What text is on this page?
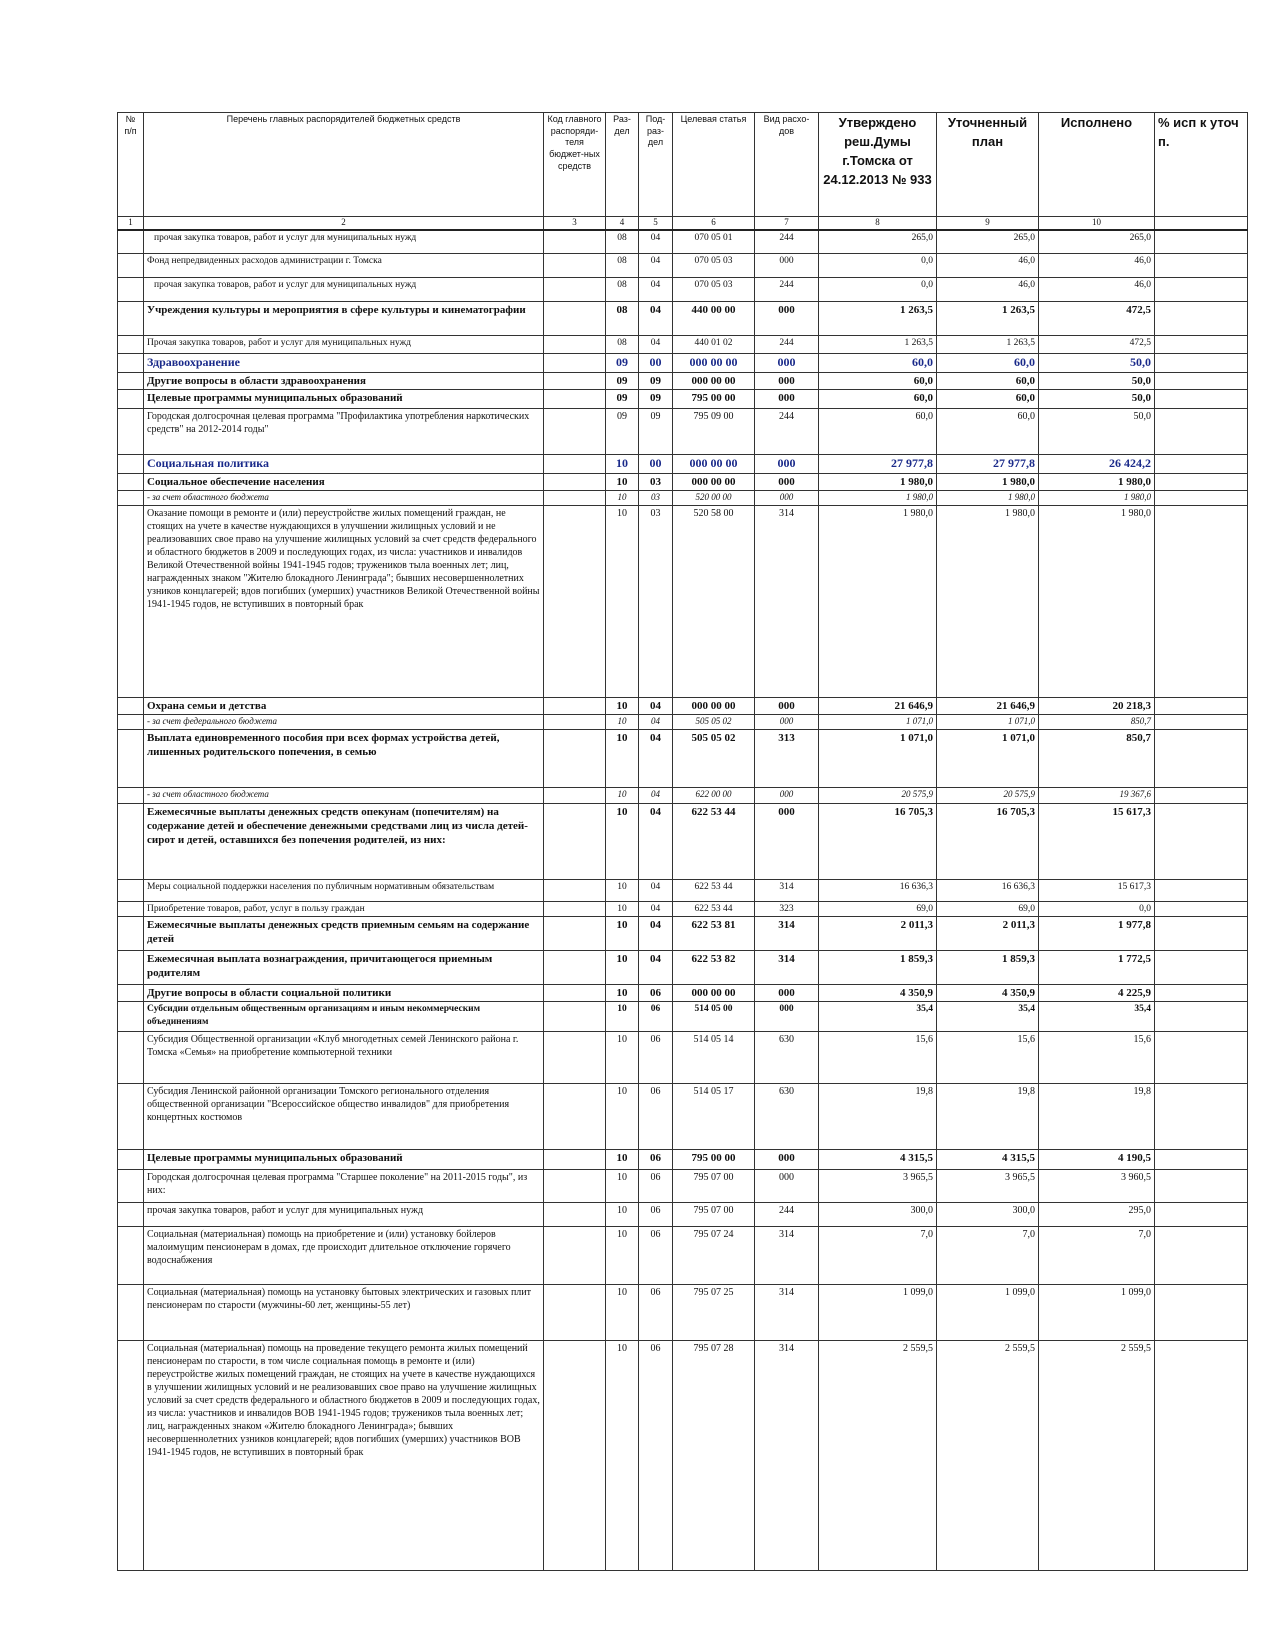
№ п/п	Перечень главных распорядителей бюджетных средств	Код главного распоряди-теля бюджет-ных средств	Раз-дел	Под-раз-дел	Целевая статья	Вид расхо-дов	Утверждено реш.Думы г.Томска от 24.12.2013 № 933	Уточненный план	Исполнено	% исп к уточ п.
1	2	3	4	5	6	7	8	9	10	
	прочая закупка товаров, работ и услуг для муниципальных нужд		08	04	070 05 01	244	265,0	265,0	265,0	
	Фонд непредвиденных расходов администрации г. Томска		08	04	070 05 03	000	0,0	46,0	46,0	
	прочая закупка товаров, работ и услуг для муниципальных нужд		08	04	070 05 03	244	0,0	46,0	46,0	
	Учреждения культуры и мероприятия в сфере культуры и кинематографии		08	04	440 00 00	000	1 263,5	1 263,5	472,5	
	Прочая закупка товаров, работ и услуг для муниципальных нужд		08	04	440 01 02	244	1 263,5	1 263,5	472,5	
	Здравоохранение		09	00	000 00 00	000	60,0	60,0	50,0	
	Другие вопросы в области здравоохранения		09	09	000 00 00	000	60,0	60,0	50,0	
	Целевые программы муниципальных образований		09	09	795 00 00	000	60,0	60,0	50,0	
	Городская долгосрочная целевая программа "Профилактика употребления наркотических средств" на 2012-2014 годы"		09	09	795 09 00	244	60,0	60,0	50,0	
	Социальная политика		10	00	000 00 00	000	27 977,8	27 977,8	26 424,2	
	Социальное обеспечение населения		10	03	000 00 00	000	1 980,0	1 980,0	1 980,0	
	- за счет областного бюджета		10	03	520 00 00	000	1 980,0	1 980,0	1 980,0	
	Оказание помощи в ремонте и (или) переустройстве жилых помещений граждан, не стоящих на учете в качестве нуждающихся в улучшении жилищных условий и не реализовавших свое право на улучшение жилищных условий за счет средств федерального и областного бюджетов в 2009 и последующих годах, из числа: участников и инвалидов Великой Отечественной войны 1941-1945 годов; тружеников тыла военных лет; лиц, награжденных знаком "Жителю блокадного Ленинграда"; бывших несовершеннолетних узников концлагерей; вдов погибших (умерших) участников Великой Отечественной войны 1941-1945 годов, не вступивших в повторный брак		10	03	520 58 00	314	1 980,0	1 980,0	1 980,0	
	Охрана семьи и детства		10	04	000 00 00	000	21 646,9	21 646,9	20 218,3	
	- за счет федерального бюджета		10	04	505 05 02	000	1 071,0	1 071,0	850,7	
	Выплата единовременного пособия при всех формах устройства детей, лишенных родительского попечения, в семью		10	04	505 05 02	313	1 071,0	1 071,0	850,7	
	- за счет областного бюджета		10	04	622 00 00	000	20 575,9	20 575,9	19 367,6	
	Ежемесячные выплаты денежных средств опекунам (попечителям) на содержание детей и обеспечение денежными средствами лиц из числа детей-сирот и детей, оставшихся без попечения родителей, из них:		10	04	622 53 44	000	16 705,3	16 705,3	15 617,3	
	Меры социальной поддержки населения по публичным нормативным обязательствам		10	04	622 53 44	314	16 636,3	16 636,3	15 617,3	
	Приобретение товаров, работ, услуг в пользу граждан		10	04	622 53 44	323	69,0	69,0	0,0	
	Ежемесячные выплаты денежных средств приемным семьям на содержание детей		10	04	622 53 81	314	2 011,3	2 011,3	1 977,8	
	Ежемесячная выплата вознаграждения, причитающегося приемным родителям		10	04	622 53 82	314	1 859,3	1 859,3	1 772,5	
	Другие вопросы в области социальной политики		10	06	000 00 00	000	4 350,9	4 350,9	4 225,9	
	Субсидии отдельным общественным организациям и иным некоммерческим объединениям		10	06	514 05 00	000	35,4	35,4	35,4	
	Субсидия Общественной организации «Клуб многодетных семей Ленинского района г. Томска «Семья» на приобретение компьютерной техники		10	06	514 05 14	630	15,6	15,6	15,6	
	Субсидия Ленинской районной организации Томского регионального отделения общественной организации "Всероссийское общество инвалидов" для приобретения концертных костюмов		10	06	514 05 17	630	19,8	19,8	19,8	
	Целевые программы муниципальных образований		10	06	795 00 00	000	4 315,5	4 315,5	4 190,5	
	Городская долгосрочная целевая программа "Старшее поколение" на 2011-2015 годы", из них:		10	06	795 07 00	000	3 965,5	3 965,5	3 960,5	
	прочая закупка товаров, работ и услуг для муниципальных нужд		10	06	795 07 00	244	300,0	300,0	295,0	
	Социальная (материальная) помощь на приобретение и (или) установку бойлеров малоимущим пенсионерам в домах, где происходит длительное отключение горячего водоснабжения		10	06	795 07 24	314	7,0	7,0	7,0	
	Социальная (материальная) помощь на установку бытовых электрических и газовых плит пенсионерам по старости (мужчины-60 лет, женщины-55 лет)		10	06	795 07 25	314	1 099,0	1 099,0	1 099,0	
	Социальная (материальная) помощь на проведение текущего ремонта жилых помещений пенсионерам по старости, в том числе социальная помощь в ремонте и (или) переустройстве жилых помещений граждан, не стоящих на учете в качестве нуждающихся в улучшении жилищных условий и не реализовавших свое право на улучшение жилищных условий за счет средств федерального и областного бюджетов в 2009 и последующих годах, из числа: участников и инвалидов ВОВ 1941-1945 годов; тружеников тыла военных лет; лиц, награжденных знаком «Жителю блокадного Ленинграда»; бывших несовершеннолетних узников концлагерей; вдов погибших (умерших) участников ВОВ 1941-1945 годов, не вступивших в повторный брак		10	06	795 07 28	314	2 559,5	2 559,5	2 559,5	
